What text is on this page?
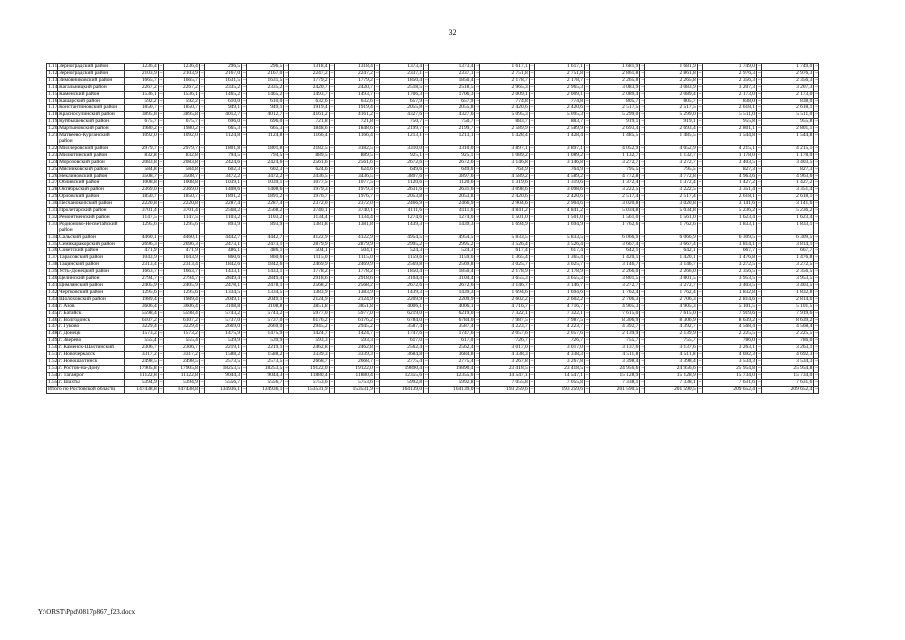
32
1.11.	Зерноградский район	1236,4	–	1236,4	–	296,5	–	296,5	–	1318,4	–	1318,4	–	1373,4	–	1373,4	–	1 617,1	–	1 617,1	–	1 681,9	–	1 681,9	–	1 749,0	–	1 749,0	–
1.12.	Зерноградский район	2103,9	–	2103,9	–	2167,0	–	2167,0	–	2247,2	–	2247,2	–	2337,1	–	2337,1	–	2 751,8	–	2 751,8	–	2 861,8	–	2 861,8	–	2 976,3	–	2 976,3	–
1.13.	Зимовниковский район	1665,7	–	1665,7	–	1631,5	–	1631,5	–	1779,2	–	1779,2	–	1850,4	–	1850,4	–	2 178,7	–	2 178,7	–	2 265,8	–	2 265,8	–	2 356,3	–	2 356,3	–
1.14.	Кагальницкий район	2267,2	–	2267,2	–	2335,2	–	2335,2	–	2420,7	–	2420,7	–	2518,5	–	2518,5	–	2 965,3	–	2 965,3	–	3 083,9	–	3 083,9	–	3 207,3	–	3 207,3	–
1.15.	Каменский район	1536,1	–	1536,1	–	1465,2	–	1465,2	–	1493,7	–	1493,7	–	1706,3	–	1706,3	–	2 009,1	–	2 009,1	–	2 089,4	–	2 089,4	–	2 173,0	–	2 173,0	–
1.16.	Кашарский район	592,2	–	592,2	–	610,0	–	610,0	–	632,6	–	632,6	–	657,9	–	657,9	–	774,8	–	774,8	–	805,7	–	805,7	–	838,0	–	838,0	–
1.17.	Константиновский район	1850,7	–	1850,7	–	949,1	–	949,1	–	1919,4	–	1919,4	–	2055,8	–	2055,8	–	2 420,6	–	2 420,6	–	2 517,5	–	2 517,5	–	2 618,1	–	2 618,1	–
1.18.	Красносулинский район	3895,8	–	3895,8	–	4012,7	–	4012,7	–	4161,2	–	4161,2	–	4327,6	–	4327,6	–	5 095,3	–	5 095,3	–	5 299,0	–	5 299,0	–	5 511,0	–	5 511,0	–
1.19.	Куйбышевский район	675,7	–	675,7	–	696,0	–	696,0	–	721,8	–	721,8	–	750,7	–	750,7	–	883,7	–	883,7	–	919,1	–	919,1	–	955,8	–	955,8	–
1.20.	Мартыновский район	1980,2	–	1980,2	–	665,3	–	665,3	–	1848,6	–	1848,6	–	2199,7	–	2199,7	–	2 589,9	–	2 589,9	–	2 693,4	–	2 693,4	–	2 801,1	–	2 801,1	–
1.21.	Матвеево-Курганский район	1092,0	–	1092,0	–	1124,8	–	1124,8	–	1166,4	–	1166,4	–	1213,1	–	1213,1	–	1 428,4	–	1 428,4	–	1 485,5	–	1 485,5	–	1 544,8	–	1 544,8	–
1.22.	Миллеровский район	2979,7	–	2979,7	–	1801,8	–	1801,8	–	3182,5	–	3182,5	–	3310,0	–	3310,0	–	3 897,1	–	3 897,1	–	4 052,9	–	4 052,9	–	4 215,1	–	4 215,1	–
1.23.	Милютинский район	832,8	–	832,8	–	794,5	–	794,5	–	889,5	–	889,5	–	925,1	–	925,1	–	1 089,2	–	1 089,2	–	1 132,7	–	1 132,7	–	1 178,0	–	1 178,0	–
1.24.	Морозовский район	2083,8	–	2083,8	–	2424,6	–	2424,6	–	2561,6	–	2561,6	–	2672,6	–	2672,6	–	3 146,8	–	3 146,8	–	3 272,7	–	3 272,7	–	3 403,5	–	3 403,5	–
1.25.	Мясниковский район	584,8	–	584,8	–	602,3	–	602,3	–	624,6	–	624,6	–	649,6	–	649,6	–	764,9	–	764,9	–	795,5	–	795,5	–	827,3	–	827,3	–
1.26.	Неклиновский район	3508,7	–	3508,7	–	3472,2	–	3472,2	–	3436,5	–	3436,5	–	3897,6	–	3897,6	–	4 589,2	–	4 589,2	–	4 772,8	–	4 772,8	–	4 963,6	–	4 963,6	–
1.27.	Обливский район	1008,8	–	1008,8	–	1039,1	–	1039,1	–	1077,5	–	1077,5	–	1120,6	–	1120,6	–	1 319,6	–	1 319,6	–	1 372,4	–	1 372,4	–	1 427,2	–	1 427,2	–
1.28.	Октябрьский район	2369,0	–	2369,0	–	1408,6	–	1408,6	–	1979,3	–	1979,3	–	2631,6	–	2631,6	–	3 098,6	–	3 098,6	–	3 222,5	–	3 222,5	–	3 351,4	–	3 351,4	–
1.29.	Орловский район	1850,7	–	1850,7	–	1891,2	–	1891,2	–	1976,7	–	1976,7	–	2053,8	–	2053,8	–	2 420,6	–	2 420,6	–	2 517,4	–	2 517,4	–	2 618,1	–	2 618,1	–
1.30.	Песчанокопский район	2220,8	–	2220,8	–	2287,4	–	2287,4	–	2372,0	–	2372,0	–	2466,9	–	2466,9	–	2 904,6	–	2 904,6	–	3 020,8	–	3 020,8	–	3 141,6	–	3 141,6	–
1.31.	Пролетарский район	3701,4	–	3701,4	–	2568,2	–	2568,2	–	3740,1	–	3740,1	–	4111,6	–	4111,6	–	4 841,2	–	4 841,2	–	5 034,8	–	5 034,8	–	5 236,2	–	5 236,2	–
1.32.	Ремонтненский район	1147,5	–	1147,5	–	1103,2	–	1103,2	–	1134,4	–	1134,4	–	1274,6	–	1274,6	–	1 501,0	–	1 501,0	–	1 561,0	–	1 561,0	–	1 623,4	–	1 623,4	–
1.33.	Родионово-Несветайский район	1295,6	–	1295,6	–	893,9	–	893,9	–	1381,8	–	1381,8	–	1439,3	–	1439,3	–	1 694,9	–	1 694,9	–	1 762,6	–	1 762,6	–	1 833,1	–	1 833,1	–
1.34.	Сальский район	4460,1	–	4460,1	–	4442,7	–	4442,7	–	4122,9	–	4122,9	–	4954,5	–	4954,5	–	5 833,5	–	5 833,5	–	6 066,9	–	6 066,9	–	6 309,5	–	6 309,5	–
1.35.	Семикаракорский район	2696,3	–	2696,3	–	2473,1	–	2473,1	–	2879,9	–	2879,9	–	2995,2	–	2995,2	–	3 526,4	–	3 526,4	–	3 667,4	–	3 667,4	–	3 814,1	–	3 814,1	–
1.36.	Советский район	471,9	–	471,9	–	486,1	–	486,1	–	504,1	–	504,1	–	524,3	–	524,3	–	617,4	–	617,4	–	642,1	–	642,1	–	667,7	–	667,7	–
1.37.	Тарасовский район	1043,9	–	1043,9	–	860,6	–	860,6	–	1115,0	–	1115,0	–	1159,6	–	1159,6	–	1 365,4	–	1 365,4	–	1 420,1	–	1 420,1	–	1 476,8	–	1 476,8	–
1.38.	Тацинский район	2313,4	–	2313,4	–	1842,6	–	1842,6	–	2469,9	–	2469,9	–	2569,8	–	2569,8	–	3 025,7	–	3 025,7	–	3 146,7	–	3 146,7	–	3 272,5	–	3 272,5	–
1.39.	Усть-Донецкий район	1663,7	–	1663,7	–	1433,1	–	1433,1	–	1778,2	–	1778,2	–	1850,4	–	1850,4	–	2 178,9	–	2 178,9	–	2 266,0	–	2 266,0	–	2 356,5	–	2 356,5	–
1.40.	Целинский район	2794,7	–	2794,7	–	2849,4	–	2849,4	–	2918,6	–	2918,6	–	3104,4	–	3104,4	–	3 655,3	–	3 655,3	–	3 801,5	–	3 801,5	–	3 953,5	–	3 953,5	–
1.41.	Цимлянский район	2405,9	–	2405,9	–	2478,1	–	2478,1	–	2568,2	–	2568,2	–	2672,6	–	2672,6	–	3 146,7	–	3 146,7	–	3 272,7	–	3 272,7	–	3 403,5	–	3 403,5	–
1.42.	Чертковский район	1295,6	–	1295,6	–	1334,5	–	1334,5	–	1383,9	–	1383,9	–	1439,3	–	1439,3	–	1 694,6	–	1 694,6	–	1 762,4	–	1 762,4	–	1 832,8	–	1 832,8	–
1.43.	Шолоховский район	1989,4	–	1989,4	–	2049,1	–	2049,1	–	2124,9	–	2124,9	–	2209,9	–	2209,9	–	2 602,2	–	2 602,2	–	2 706,3	–	2 706,3	–	2 814,6	–	2 814,6	–
1.44.	г. Азов	3606,4	–	3606,4	–	3108,8	–	3108,8	–	3851,8	–	3851,8	–	4006,1	–	4006,1	–	4 716,7	–	4 716,7	–	4 905,3	–	4 905,3	–	5 101,5	–	5 101,5	–
1.45.	г. Батайск	5598,4	–	5598,4	–	5743,2	–	5743,2	–	5977,0	–	5977,0	–	6219,0	–	6219,0	–	7 322,1	–	7 322,1	–	7 615,0	–	7 615,0	–	7 919,6	–	7 919,6	–
1.46.	г. Волгодонск	6107,2	–	6107,2	–	5737,0	–	5737,0	–	6176,2	–	6176,2	–	6784,0	–	6784,0	–	7 987,5	–	7 987,5	–	8 306,9	–	8 306,9	–	8 639,2	–	8 639,2	–
1.47.	г. Гуково	3229,4	–	3229,4	–	2669,0	–	2669,0	–	2945,2	–	2945,2	–	3587,4	–	3587,4	–	4 223,7	–	4 223,7	–	4 392,7	–	4 392,7	–	4 568,4	–	4 568,4	–
1.48.	г. Донецк	1573,2	–	1573,2	–	1475,9	–	1475,9	–	1424,7	–	1424,7	–	1747,6	–	1747,6	–	2 057,6	–	2 057,6	–	2 139,9	–	2 139,9	–	2 225,5	–	2 225,5	–
1.49.	г. Зверево	555,4	–	555,4	–	539,9	–	539,9	–	593,3	–	593,3	–	617,0	–	617,0	–	726,7	–	726,7	–	755,7	–	755,7	–	786,0	–	786,0	–
1.50.	г. Каменск-Шахтинский	2306,7	–	2306,7	–	2219,1	–	2219,1	–	2462,8	–	2462,8	–	2562,4	–	2562,4	–	3 017,0	–	3 017,0	–	3 137,6	–	3 137,6	–	3 263,1	–	3 263,1	–
1.51.	г. Новочеркасск	3317,2	–	3317,2	–	1588,2	–	1588,2	–	3339,3	–	3339,3	–	3684,8	–	3684,8	–	4 338,3	–	4 338,3	–	4 511,8	–	4 511,8	–	4 692,3	–	4 692,3	–
1.52.	г. Новошахтинск	2498,5	–	2498,5	–	2573,5	–	2573,5	–	2668,7	–	2668,7	–	2775,4	–	2775,4	–	3 267,8	–	3 267,8	–	3 398,4	–	3 398,4	–	3 534,3	–	3 534,3	–
1.53.	г. Ростов-на-Дону	17905,8	–	17905,8	–	18253,5	–	18253,5	–	19122,0	–	19122,0	–	19890,4	–	19890,4	–	23 418,5	–	23 418,5	–	24 956,6	–	24 956,6	–	25 954,8	–	25 954,8	–
1.54.	г. Таганрог	11122,8	–	11122,8	–	9044,3	–	9044,3	–	11880,4	–	11880,4	–	12355,6	–	12355,6	–	14 547,1	–	14 547,1	–	15 128,9	–	15 128,9	–	15 734,0	–	15 734,0	–
1.55.	г. Шахты	5394,9	–	5394,9	–	5556,7	–	5556,7	–	5753,6	–	5753,6	–	5992,8	–	5992,8	–	7 055,8	–	7 055,8	–	7 338,1	–	7 338,1	–	7 631,6	–	7 631,6	–
Итого по Ростовской области		147438,8	–	147438,8	–	134936,1	–	134936,1	–	153531,9	–	153531,9	–	164139,0	–	164139,0	–	193 259,6	–	193 259,6	–	201 590,5	–	201 590,5	–	209 652,4	–	209 652,4	–
Y:\ORST\Ppd\0817p867_f23.docx
